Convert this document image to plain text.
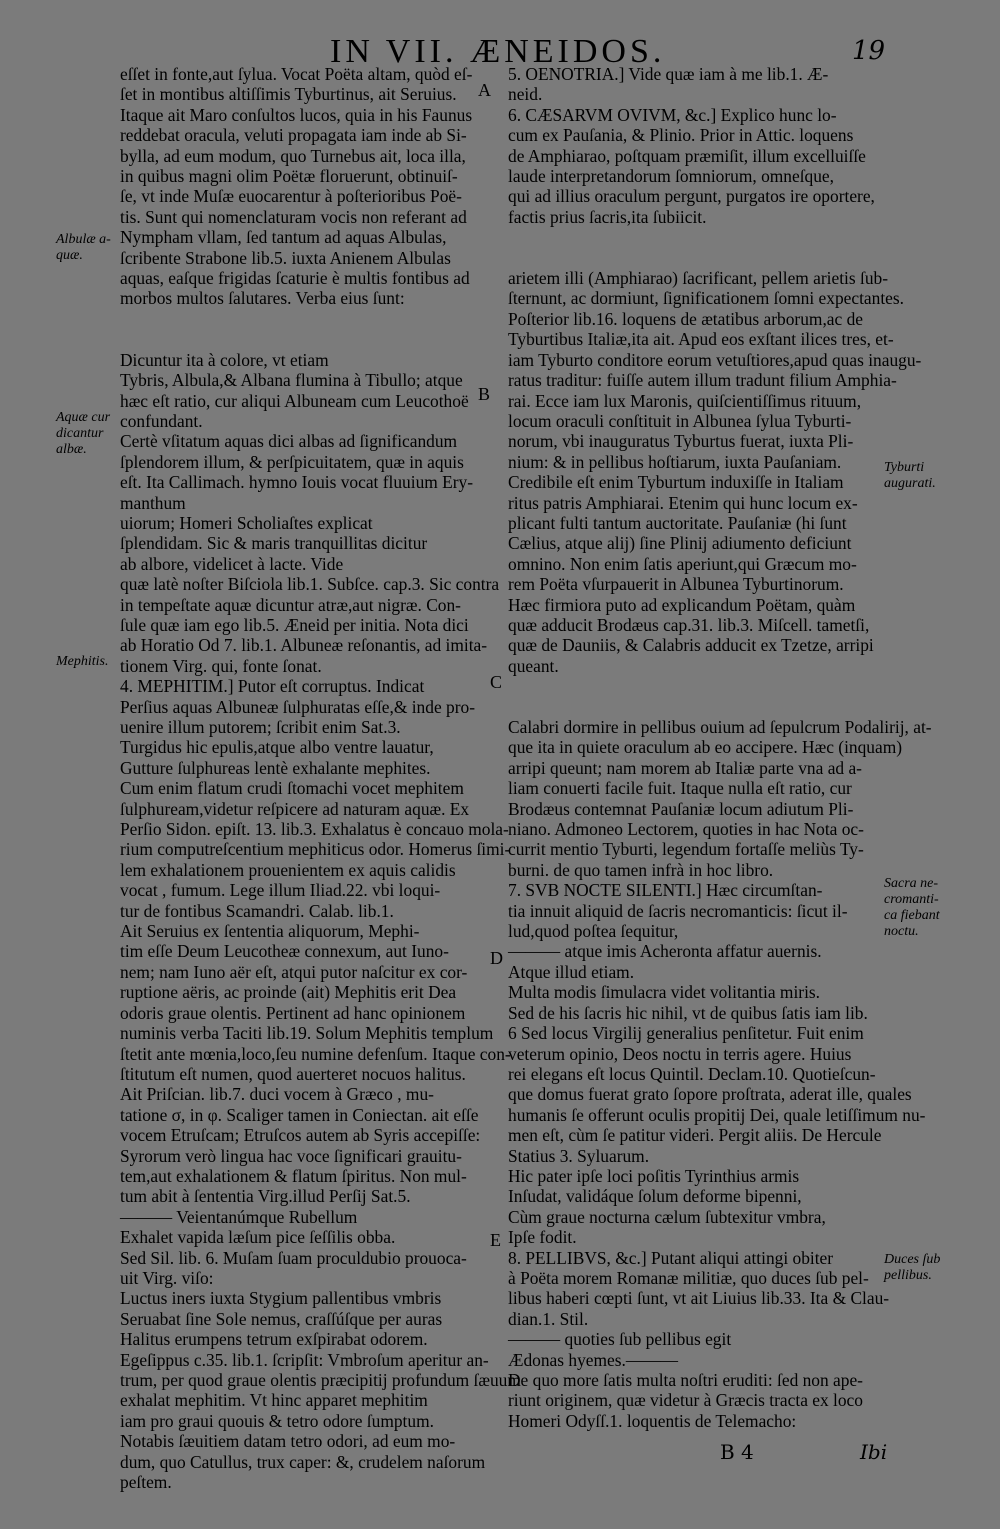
IN VII. ÆNEIDOS.	19
eſſet in fonte,aut ſylua. Vocat Poëta altam, quòd eſ-
ſet in montibus altiſſimis Tyburtinus, ait Seruius.
Itaque ait Maro conſultos lucos, quia in his Faunus
reddebat oracula, veluti propagata iam inde ab Si-
bylla, ad eum modum, quo Turnebus ait, loca illa,
in quibus magni olim Poëtæ floruerunt, obtinuiſ-
ſe, vt inde Muſæ euocarentur à poſterioribus Poë-
tis. Sunt qui nomenclaturam vocis non referant ad
Nympham vllam, ſed tantum ad aquas Albulas,
ſcribente Strabone lib.5. iuxta Anienem Albulas
aquas, eaſque frigidas ſcaturie è multis fontibus ad
morbos multos ſalutares. Verba eius ſunt:

Dicuntur ita à colore, vt etiam
Tybris, Albula,& Albana flumina à Tibullo; atque
hæc eſt ratio, cur aliqui Albuneam cum Leucothoë
confundant.
Certè vſitatum aquas dici albas ad ſignificandum
ſplendorem illum, & perſpicuitatem, quæ in aquis
eſt. Ita Callimach. hymno Iouis vocat fluuium Ery-
manthum
uiorum; Homeri Scholiaſtes explicat
ſplendidam. Sic & maris tranquillitas dicitur
ab albore, videlicet à lacte. Vide
quæ latè noſter Biſciola lib.1. Subſce. cap.3. Sic contra
in tempeſtate aquæ dicuntur atræ,aut nigræ. Con-
ſule quæ iam ego lib.5. Æneid per initia. Nota dici
ab Horatio Od 7. lib.1. Albuneæ reſonantis, ad imita-
tionem Virg. qui, fonte ſonat.
4. MEPHITIM.] Putor eſt corruptus. Indicat
Perſius aquas Albuneæ ſulphuratas eſſe,& inde pro-
uenire illum putorem; ſcribit enim Sat.3.
Turgidus hic epulis,atque albo ventre lauatur,
Gutture ſulphureas lentè exhalante mephites.
Cum enim flatum crudi ſtomachi vocet mephitem
ſulphuream,videtur reſpicere ad naturam aquæ. Ex
Perſio Sidon. epiſt. 13. lib.3. Exhalatus è concauo mola-
rium computreſcentium mephiticus odor. Homerus ſimi-
lem exhalationem prouenientem ex aquis calidis
vocat , fumum. Lege illum Iliad.22. vbi loqui-
tur de fontibus Scamandri. Calab. lib.1.
Ait Seruius ex ſententia aliquorum, Mephi-
tim eſſe Deum Leucotheæ connexum, aut Iuno-
nem; nam Iuno aër eſt, atqui putor naſcitur ex cor-
ruptione aëris, ac proinde (ait) Mephitis erit Dea
odoris graue olentis. Pertinent ad hanc opinionem
numinis verba Taciti lib.19. Solum Mephitis templum
ſtetit ante mœnia,loco,ſeu numine defenſum. Itaque con-
ſtitutum eſt numen, quod auerteret nocuos halitus.
Ait Priſcian. lib.7. duci vocem à Græco , mu-
tatione σ, in φ. Scaliger tamen in Coniectan. ait eſſe
vocem Etruſcam; Etruſcos autem ab Syris accepiſſe:
Syrorum verò lingua hac voce ſignificari grauitu-
tem,aut exhalationem & flatum ſpiritus. Non mul-
tum abit à ſententia Virg.illud Perſij Sat.5.
——— Veientanúmque Rubellum
Exhalet vapida læſum pice ſeſſilis obba.
Sed Sil. lib. 6. Muſam ſuam proculdubio prouoca-
uit Virg. viſo:
Luctus iners iuxta Stygium pallentibus vmbris
Seruabat ſine Sole nemus, craſſúſque per auras
Halitus erumpens tetrum exſpirabat odorem.
Egeſippus c.35. lib.1. ſcripſit: Vmbroſum aperitur an-
trum, per quod graue olentis præcipitij profundum ſæuum
exhalat mephitim. Vt hinc apparet mephitim
iam pro graui quouis & tetro odore ſumptum.
Notabis ſæuitiem datam tetro odori, ad eum mo-
dum, quo Catullus, trux caper: &, crudelem naſorum
peſtem.
5. OENOTRIA.] Vide quæ iam à me lib.1. Æ-
neid.
6. CÆSARVM OVIVM, &c.] Explico hunc lo-
cum ex Pauſania, & Plinio. Prior in Attic. loquens
de Amphiarao, poſtquam præmiſit, illum excelluiſſe
laude interpretandorum ſomniorum, omneſque,
qui ad illius oraculum pergunt, purgatos ire oportere,
factis prius ſacris,ita ſubiicit.

arietem illi (Amphiarao) ſacrificant, pellem arietis ſub-
ſternunt, ac dormiunt, ſignificationem ſomni expectantes.
Poſterior lib.16. loquens de ætatibus arborum,ac de
Tyburtibus Italiæ,ita ait. Apud eos exſtant ilices tres, et-
iam Tyburto conditore eorum vetuſtiores,apud quas inaugu-
ratus traditur: fuiſſe autem illum tradunt filium Amphia-
rai. Ecce iam lux Maronis, quiſcientiſſimus rituum,
locum oraculi conſtituit in Albunea ſylua Tyburti-
norum, vbi inauguratus Tyburtus fuerat, iuxta Pli-
nium: & in pellibus hoſtiarum, iuxta Pauſaniam.
Credibile eſt enim Tyburtum induxiſſe in Italiam
ritus patris Amphiarai. Etenim qui hunc locum ex-
plicant fulti tantum auctoritate. Pauſaniæ (hi ſunt
Cælius, atque alij) ſine Plinij adiumento deficiunt
omnino. Non enim ſatis aperiunt,qui Græcum mo-
rem Poëta vſurpauerit in Albunea Tyburtinorum.
Hæc firmiora puto ad explicandum Poëtam, quàm
quæ adducit Brodæus cap.31. lib.3. Miſcell. tametſi,
quæ de Dauniis, & Calabris adducit ex Tzetze, arripi
queant.

Calabri dormire in pellibus ouium ad ſepulcrum Podalirij, at-
que ita in quiete oraculum ab eo accipere. Hæc (inquam)
arripi queunt; nam morem ab Italiæ parte vna ad a-
liam conuerti facile fuit. Itaque nulla eſt ratio, cur
Brodæus contemnat Pauſaniæ locum adiutum Pli-
niano. Admoneo Lectorem, quoties in hac Nota oc-
currit mentio Tyburti, legendum fortaſſe meliùs Ty-
burni. de quo tamen infrà in hoc libro.
7. SVB NOCTE SILENTI.] Hæc circumſtan-
tia innuit aliquid de ſacris necromanticis: ſicut il-
lud,quod poſtea ſequitur,
——— atque imis Acheronta affatur auernis.
Atque illud etiam.
Multa modis ſimulacra videt volitantia miris.
Sed de his ſacris hic nihil, vt de quibus ſatis iam lib.
6 Sed locus Virgilij generalius penſitetur. Fuit enim
veterum opinio, Deos noctu in terris agere. Huius
rei elegans eſt locus Quintil. Declam.10. Quotieſcun-
que domus fuerat grato ſopore proſtrata, aderat ille, quales
humanis ſe offerunt oculis propitij Dei, quale letiſſimum nu-
men eſt, cùm ſe patitur videri. Pergit aliis. De Hercule
Statius 3. Syluarum.
Hic pater ipſe loci poſitis Tyrinthius armis
Inſudat, validáque ſolum deforme bipenni,
Cùm graue nocturna cælum ſubtexitur vmbra,
Ipſe fodit.
8. PELLIBVS, &c.] Putant aliqui attingi obiter
à Poëta morem Romanæ militiæ, quo duces ſub pel-
libus haberi cœpti ſunt, vt ait Liuius lib.33. Ita & Clau-
dian.1. Stil.
——— quoties ſub pellibus egit
Ædonas hyemes.———
De quo more ſatis multa noſtri eruditi: ſed non ape-
riunt originem, quæ videtur à Græcis tracta ex loco
Homeri Odyſſ.1. loquentis de Telemacho:

Albulæ a-
quæ.
Aquæ cur
dicantur
albæ.
Mephitis.
Tyburti
augurati.
Sacra ne-
cromanti-
ca fiebant
noctu.
Duces ſub
pellibus.
A
B
C
D
E
B 4	Ibi
